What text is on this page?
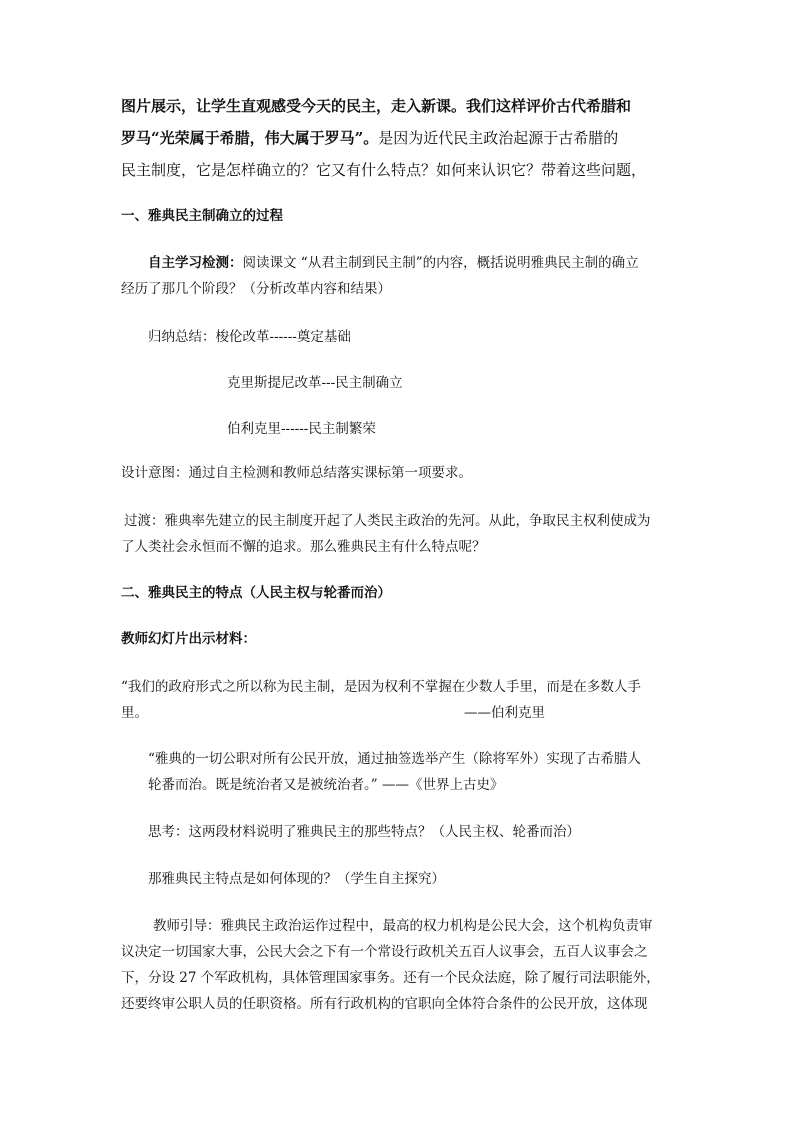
图片展示，让学生直观感受今天的民主，走入新课。我们这样评价古代希腊和
罗马“光荣属于希腊，伟大属于罗马”。是因为近代民主政治起源于古希腊的
民主制度，它是怎样确立的？它又有什么特点？如何来认识它？带着这些问题，
一、雅典民主制确立的过程
自主学习检测：阅读课文 “从君主制到民主制”的内容，概括说明雅典民主制的确立
经历了那几个阶段？（分析改革内容和结果）
归纳总结：梭伦改革------奠定基础
克里斯提尼改革---民主制确立
伯利克里------民主制繁荣
设计意图：通过自主检测和教师总结落实课标第一项要求。
过渡：雅典率先建立的民主制度开起了人类民主政治的先河。从此，争取民主权利使成为
了人类社会永恒而不懈的追求。那么雅典民主有什么特点呢？
二、雅典民主的特点（人民主权与轮番而治）
教师幻灯片出示材料：
“我们的政府形式之所以称为民主制，是因为权利不掌握在少数人手里，而是在多数人手
里。	——伯利克里
“雅典的一切公职对所有公民开放，通过抽签选举产生（除将军外）实现了古希腊人
轮番而治。既是统治者又是被统治者。” ——《世界上古史》
思考：这两段材料说明了雅典民主的那些特点？（人民主权、轮番而治）
那雅典民主特点是如何体现的？（学生自主探究）
教师引导：雅典民主政治运作过程中，最高的权力机构是公民大会，这个机构负责审
议决定一切国家大事，公民大会之下有一个常设行政机关五百人议事会，五百人议事会之
下，分设 27 个军政机构，具体管理国家事务。还有一个民众法庭，除了履行司法职能外，
还要终审公职人员的任职资格。所有行政机构的官职向全体符合条件的公民开放，这体现
